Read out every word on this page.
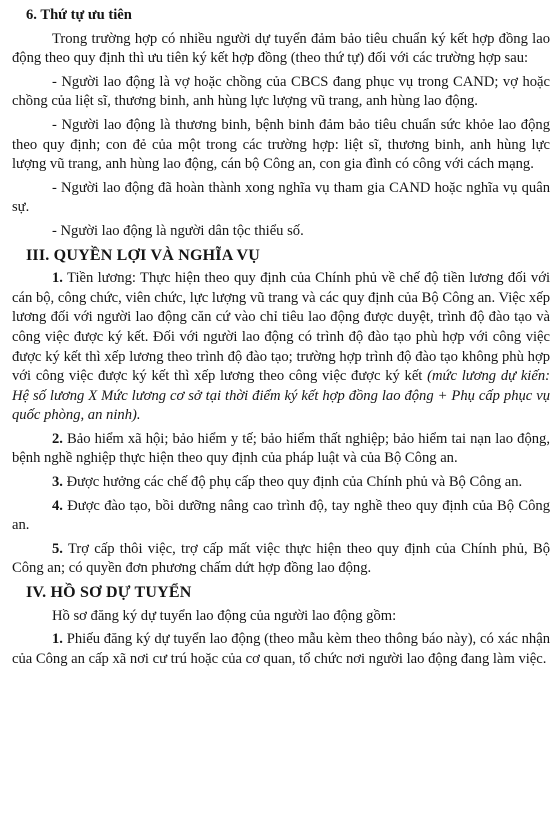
6. Thứ tự ưu tiên

Trong trường hợp có nhiều người dự tuyển đảm bảo tiêu chuẩn ký kết hợp đồng lao động theo quy định thì ưu tiên ký kết hợp đồng (theo thứ tự) đối với các trường hợp sau:

- Người lao động là vợ hoặc chồng của CBCS đang phục vụ trong CAND; vợ hoặc chồng của liệt sĩ, thương binh, anh hùng lực lượng vũ trang, anh hùng lao động.

- Người lao động là thương binh, bệnh binh đảm bảo tiêu chuẩn sức khỏe lao động theo quy định; con đẻ của một trong các trường hợp: liệt sĩ, thương binh, anh hùng lực lượng vũ trang, anh hùng lao động, cán bộ Công an, con gia đình có công với cách mạng.

- Người lao động đã hoàn thành xong nghĩa vụ tham gia CAND hoặc nghĩa vụ quân sự.

- Người lao động là người dân tộc thiểu số.

III. QUYỀN LỢI VÀ NGHĨA VỤ

1. Tiền lương: Thực hiện theo quy định của Chính phủ về chế độ tiền lương đối với cán bộ, công chức, viên chức, lực lượng vũ trang và các quy định của Bộ Công an. Việc xếp lương đối với người lao động căn cứ vào chỉ tiêu lao động được duyệt, trình độ đào tạo và công việc được ký kết. Đối với người lao động có trình độ đào tạo phù hợp với công việc được ký kết thì xếp lương theo trình độ đào tạo; trường hợp trình độ đào tạo không phù hợp với công việc được ký kết thì xếp lương theo công việc được ký kết (mức lương dự kiến: Hệ số lương X Mức lương cơ sở tại thời điểm ký kết hợp đồng lao động + Phụ cấp phục vụ quốc phòng, an ninh).

2. Bảo hiểm xã hội; bảo hiểm y tế; bảo hiểm thất nghiệp; bảo hiểm tai nạn lao động, bệnh nghề nghiệp thực hiện theo quy định của pháp luật và của Bộ Công an.

3. Được hưởng các chế độ phụ cấp theo quy định của Chính phủ và Bộ Công an.

4. Được đào tạo, bồi dưỡng nâng cao trình độ, tay nghề theo quy định của Bộ Công an.

5. Trợ cấp thôi việc, trợ cấp mất việc thực hiện theo quy định của Chính phủ, Bộ Công an; có quyền đơn phương chấm dứt hợp đồng lao động.

IV. HỒ SƠ DỰ TUYỂN

Hồ sơ đăng ký dự tuyển lao động của người lao động gồm:

1. Phiếu đăng ký dự tuyển lao động (theo mẫu kèm theo thông báo này), có xác nhận của Công an cấp xã nơi cư trú hoặc của cơ quan, tổ chức nơi người lao động đang làm việc.
